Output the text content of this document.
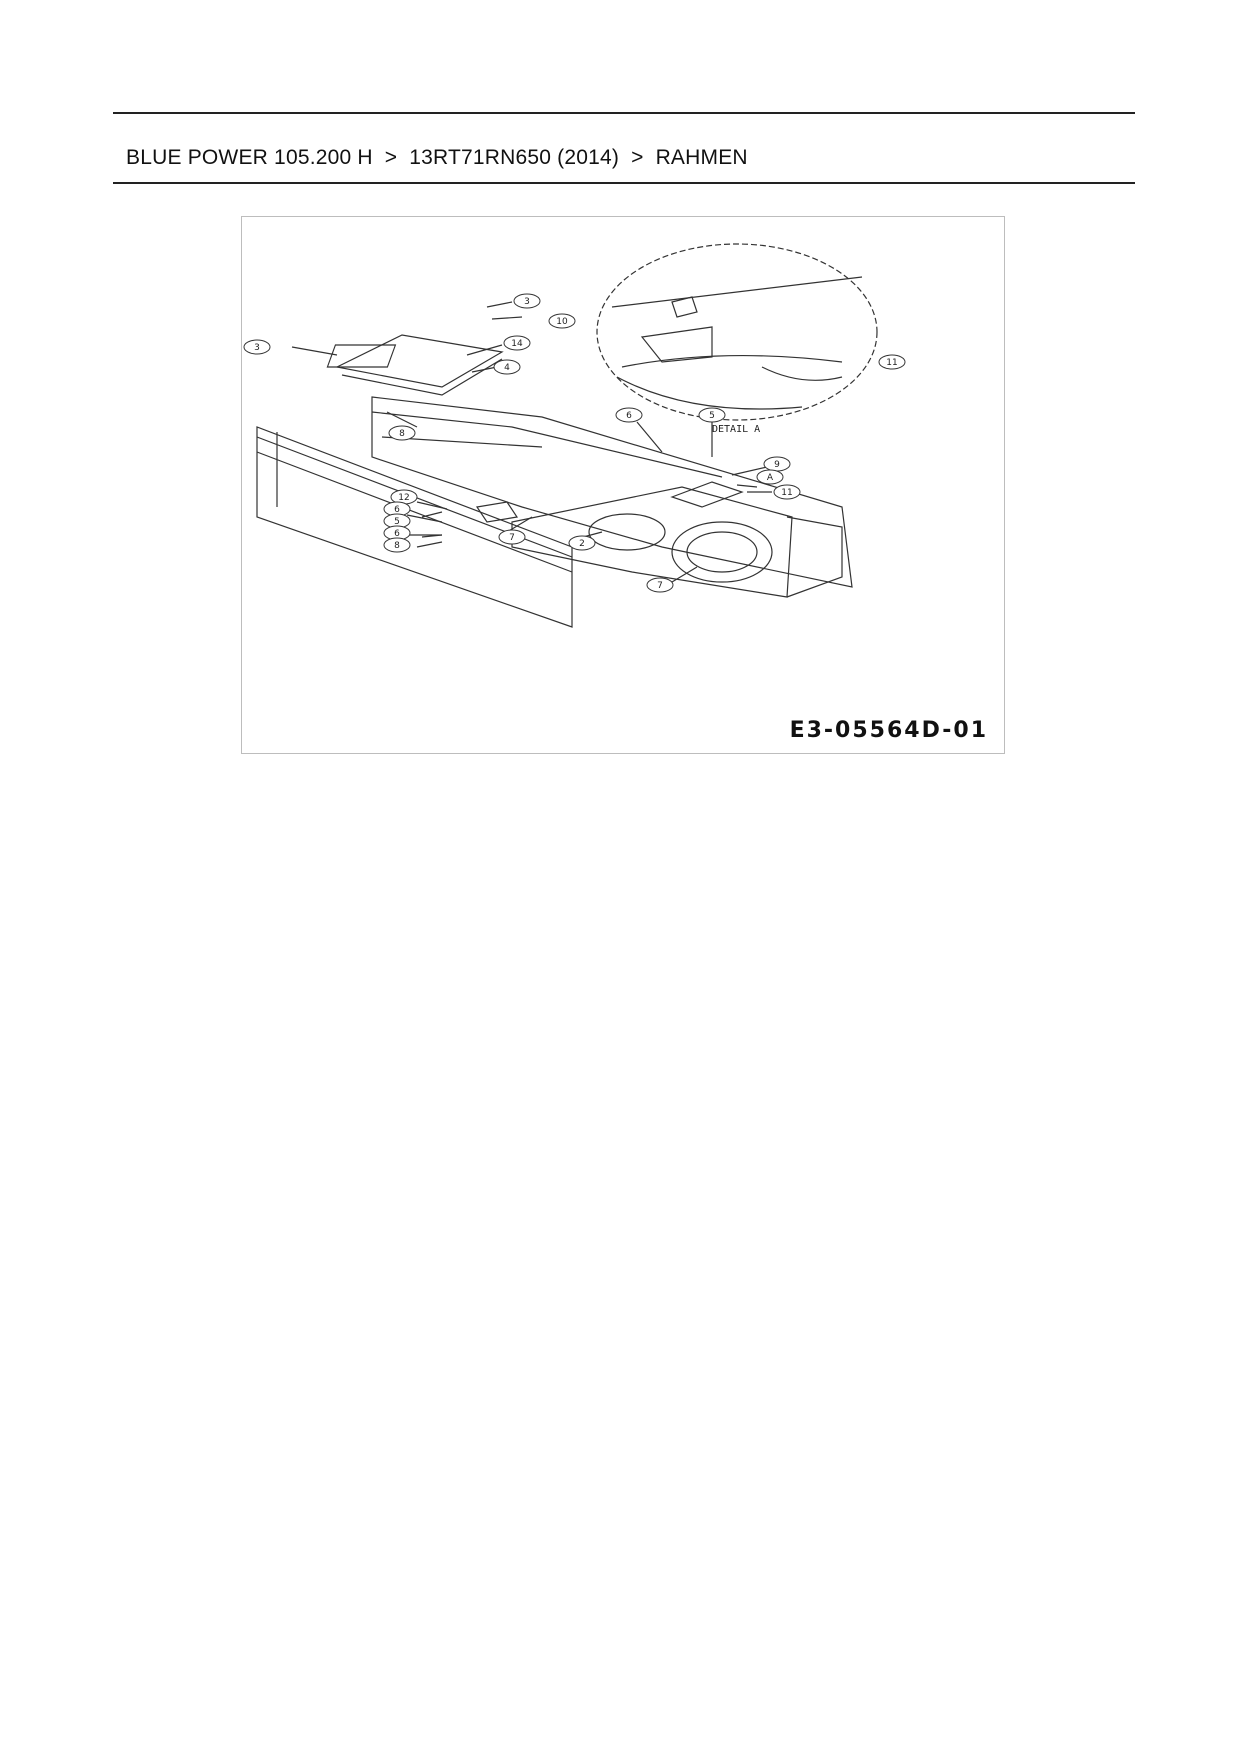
BLUE POWER 105.200 H > 13RT71RN650 (2014) > RAHMEN
3
10
3	14
4
8
6	5
9
A
11
12
6
5
6
8
7
2
7
11
DETAIL A
E3-05564D-01
